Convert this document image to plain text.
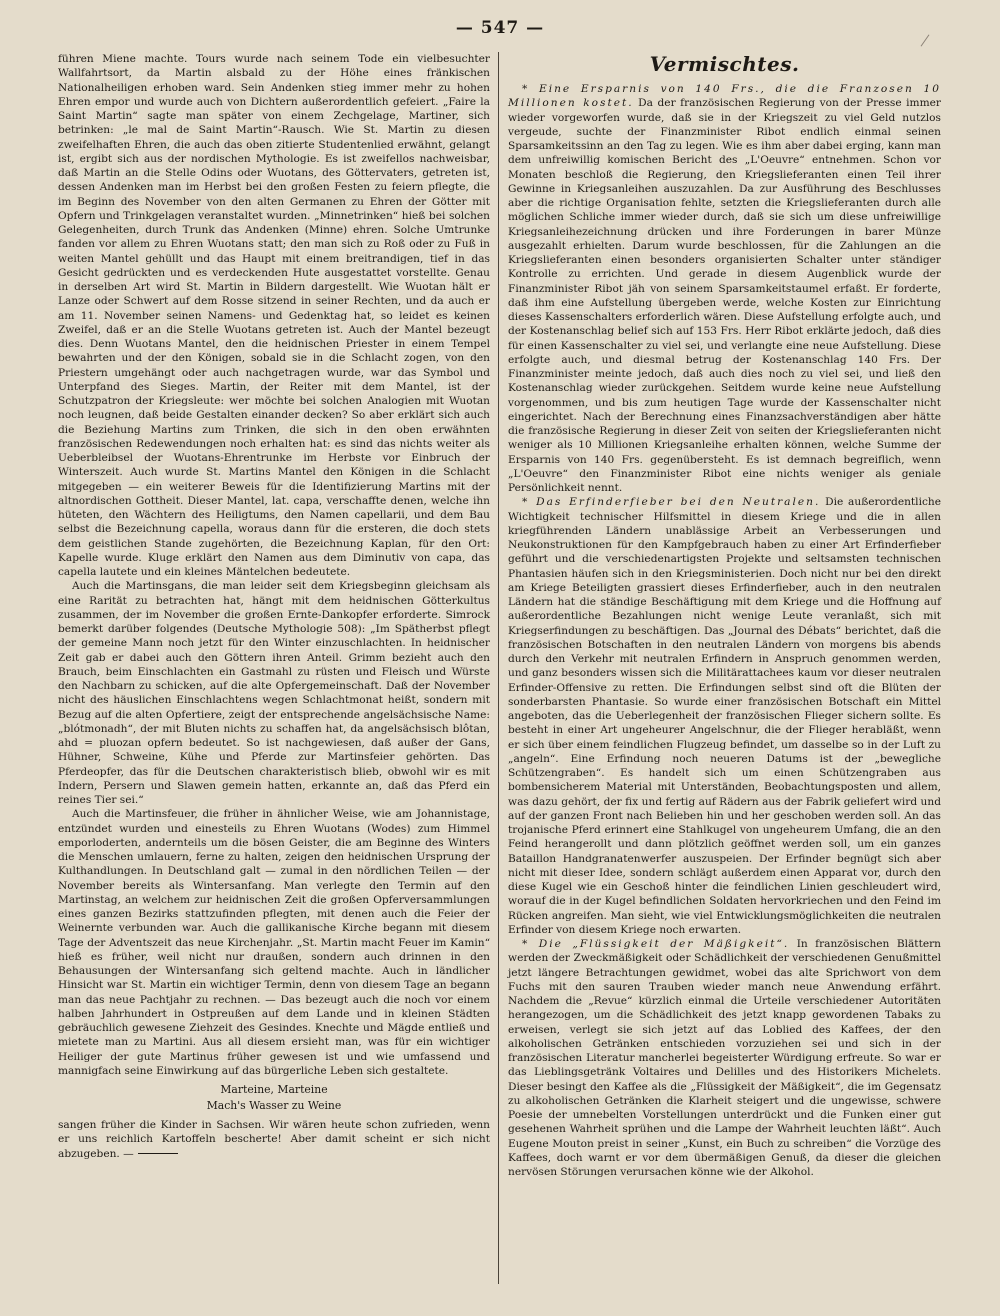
— 547 —

führen Miene machte. Tours wurde nach seinem Tode ein vielbesuchter Wallfahrtsort, da Martin alsbald zu der Höhe eines fränkischen Nationalheiligen erhoben ward. Sein Andenken stieg immer mehr zu hohen Ehren empor und wurde auch von Dichtern außerordentlich gefeiert. „Faire la Saint Martin“ sagte man später von einem Zechgelage, Martiner, sich betrinken: „le mal de Saint Martin“-Rausch. Wie St. Martin zu diesen zweifelhaften Ehren, die auch das oben zitierte Studentenlied erwähnt, gelangt ist, ergibt sich aus der nordischen Mythologie. Es ist zweifellos nachweisbar, daß Martin an die Stelle Odins oder Wuotans, des Göttervaters, getreten ist, dessen Andenken man im Herbst bei den großen Festen zu feiern pflegte, die im Beginn des November von den alten Germanen zu Ehren der Götter mit Opfern und Trinkgelagen veranstaltet wurden. „Minnetrinken“ hieß bei solchen Gelegenheiten, durch Trunk das Andenken (Minne) ehren. Solche Umtrunke fanden vor allem zu Ehren Wuotans statt; den man sich zu Roß oder zu Fuß in weiten Mantel gehüllt und das Haupt mit einem breitrandigen, tief in das Gesicht gedrückten und es verdeckenden Hute ausgestattet vorstellte. Genau in derselben Art wird St. Martin in Bildern dargestellt. Wie Wuotan hält er Lanze oder Schwert auf dem Rosse sitzend in seiner Rechten, und da auch er am 11. November seinen Namens- und Gedenktag hat, so leidet es keinen Zweifel, daß er an die Stelle Wuotans getreten ist. Auch der Mantel bezeugt dies. Denn Wuotans Mantel, den die heidnischen Priester in einem Tempel bewahrten und der den Königen, sobald sie in die Schlacht zogen, von den Priestern umgehängt oder auch nachgetragen wurde, war das Symbol und Unterpfand des Sieges. Martin, der Reiter mit dem Mantel, ist der Schutzpatron der Kriegsleute: wer möchte bei solchen Analogien mit Wuotan noch leugnen, daß beide Gestalten einander decken? So aber erklärt sich auch die Beziehung Martins zum Trinken, die sich in den oben erwähnten französischen Redewendungen noch erhalten hat: es sind das nichts weiter als Ueberbleibsel der Wuotans-Ehrentrunke im Herbste vor Einbruch der Winterszeit. Auch wurde St. Martins Mantel den Königen in die Schlacht mitgegeben — ein weiterer Beweis für die Identifizierung Martins mit der altnordischen Gottheit. Dieser Mantel, lat. capa, verschaffte denen, welche ihn hüteten, den Wächtern des Heiligtums, den Namen capellarii, und dem Bau selbst die Bezeichnung capella, woraus dann für die ersteren, die doch stets dem geistlichen Stande zugehörten, die Bezeichnung Kaplan, für den Ort: Kapelle wurde. Kluge erklärt den Namen aus dem Diminutiv von capa, das capella lautete und ein kleines Mäntelchen bedeutete.

Auch die Martinsgans, die man leider seit dem Kriegsbeginn gleichsam als eine Rarität zu betrachten hat, hängt mit dem heidnischen Götterkultus zusammen, der im November die großen Ernte-Dankopfer erforderte. Simrock bemerkt darüber folgendes (Deutsche Mythologie 508): „Im Spätherbst pflegt der gemeine Mann noch jetzt für den Winter einzuschlachten. In heidnischer Zeit gab er dabei auch den Göttern ihren Anteil. Grimm bezieht auch den Brauch, beim Einschlachten ein Gastmahl zu rüsten und Fleisch und Würste den Nachbarn zu schicken, auf die alte Opfergemeinschaft. Daß der November nicht des häuslichen Einschlachtens wegen Schlachtmonat heißt, sondern mit Bezug auf die alten Opfertiere, zeigt der entsprechende angelsächsische Name: „blótmonadh“, der mit Bluten nichts zu schaffen hat, da angelsächsisch blôtan, ahd = pluozan opfern bedeutet. So ist nachgewiesen, daß außer der Gans, Hühner, Schweine, Kühe und Pferde zur Martinsfeier gehörten. Das Pferdeopfer, das für die Deutschen charakteristisch blieb, obwohl wir es mit Indern, Persern und Slawen gemein hatten, erkannte an, daß das Pferd ein reines Tier sei.“

Auch die Martinsfeuer, die früher in ähnlicher Weise, wie am Johannistage, entzündet wurden und einesteils zu Ehren Wuotans (Wodes) zum Himmel emporloderten, andernteils um die bösen Geister, die am Beginne des Winters die Menschen umlauern, ferne zu halten, zeigen den heidnischen Ursprung der Kulthandlungen. In Deutschland galt — zumal in den nördlichen Teilen — der November bereits als Wintersanfang. Man verlegte den Termin auf den Martinstag, an welchem zur heidnischen Zeit die großen Opferversammlungen eines ganzen Bezirks stattzufinden pflegten, mit denen auch die Feier der Weinernte verbunden war. Auch die gallikanische Kirche begann mit diesem Tage der Adventszeit das neue Kirchenjahr. „St. Martin macht Feuer im Kamin“ hieß es früher, weil nicht nur draußen, sondern auch drinnen in den Behausungen der Wintersanfang sich geltend machte. Auch in ländlicher Hinsicht war St. Martin ein wichtiger Termin, denn von diesem Tage an begann man das neue Pachtjahr zu rechnen. — Das bezeugt auch die noch vor einem halben Jahrhundert in Ostpreußen auf dem Lande und in kleinen Städten gebräuchlich gewesene Ziehzeit des Gesindes. Knechte und Mägde entließ und mietete man zu Martini. Aus all diesem ersieht man, was für ein wichtiger Heiliger der gute Martinus früher gewesen ist und wie umfassend und mannigfach seine Einwirkung auf das bürgerliche Leben sich gestaltete.

Marteine, Marteine
Mach's Wasser zu Weine

sangen früher die Kinder in Sachsen. Wir wären heute schon zufrieden, wenn er uns reichlich Kartoffeln bescherte! Aber damit scheint er sich nicht abzugeben. —

Vermischtes.

* Eine Ersparnis von 140 Frs., die die Franzosen 10 Millionen kostet. Da der französischen Regierung von der Presse immer wieder vorgeworfen wurde, daß sie in der Kriegszeit zu viel Geld nutzlos vergeude, suchte der Finanzminister Ribot endlich einmal seinen Sparsamkeitssinn an den Tag zu legen. Wie es ihm aber dabei erging, kann man dem unfreiwillig komischen Bericht des „L'Oeuvre“ entnehmen. Schon vor Monaten beschloß die Regierung, den Kriegslieferanten einen Teil ihrer Gewinne in Kriegsanleihen auszuzahlen. Da zur Ausführung des Beschlusses aber die richtige Organisation fehlte, setzten die Kriegslieferanten durch alle möglichen Schliche immer wieder durch, daß sie sich um diese unfreiwillige Kriegsanleihezeichnung drücken und ihre Forderungen in barer Münze ausgezahlt erhielten. Darum wurde beschlossen, für die Zahlungen an die Kriegslieferanten einen besonders organisierten Schalter unter ständiger Kontrolle zu errichten. Und gerade in diesem Augenblick wurde der Finanzminister Ribot jäh von seinem Sparsamkeitstaumel erfaßt. Er forderte, daß ihm eine Aufstellung übergeben werde, welche Kosten zur Einrichtung dieses Kassenschalters erforderlich wären. Diese Aufstellung erfolgte auch, und der Kostenanschlag belief sich auf 153 Frs. Herr Ribot erklärte jedoch, daß dies für einen Kassenschalter zu viel sei, und verlangte eine neue Aufstellung. Diese erfolgte auch, und diesmal betrug der Kostenanschlag 140 Frs. Der Finanzminister meinte jedoch, daß auch dies noch zu viel sei, und ließ den Kostenanschlag wieder zurückgehen. Seitdem wurde keine neue Aufstellung vorgenommen, und bis zum heutigen Tage wurde der Kassenschalter nicht eingerichtet. Nach der Berechnung eines Finanzsachverständigen aber hätte die französische Regierung in dieser Zeit von seiten der Kriegslieferanten nicht weniger als 10 Millionen Kriegsanleihe erhalten können, welche Summe der Ersparnis von 140 Frs. gegenübersteht. Es ist demnach begreiflich, wenn „L'Oeuvre“ den Finanzminister Ribot eine nichts weniger als geniale Persönlichkeit nennt.

* Das Erfinderfieber bei den Neutralen. Die außerordentliche Wichtigkeit technischer Hilfsmittel in diesem Kriege und die in allen kriegführenden Ländern unablässige Arbeit an Verbesserungen und Neukonstruktionen für den Kampfgebrauch haben zu einer Art Erfinderfieber geführt und die verschiedenartigsten Projekte und seltsamsten technischen Phantasien häufen sich in den Kriegsministerien. Doch nicht nur bei den direkt am Kriege Beteiligten grassiert dieses Erfinderfieber, auch in den neutralen Ländern hat die ständige Beschäftigung mit dem Kriege und die Hoffnung auf außerordentliche Bezahlungen nicht wenige Leute veranlaßt, sich mit Kriegserfindungen zu beschäftigen. Das „Journal des Débats“ berichtet, daß die französischen Botschaften in den neutralen Ländern von morgens bis abends durch den Verkehr mit neutralen Erfindern in Anspruch genommen werden, und ganz besonders wissen sich die Militärattachees kaum vor dieser neutralen Erfinder-Offensive zu retten. Die Erfindungen selbst sind oft die Blüten der sonderbarsten Phantasie. So wurde einer französischen Botschaft ein Mittel angeboten, das die Ueberlegenheit der französischen Flieger sichern sollte. Es besteht in einer Art ungeheurer Angelschnur, die der Flieger herabläßt, wenn er sich über einem feindlichen Flugzeug befindet, um dasselbe so in der Luft zu „angeln“. Eine Erfindung noch neueren Datums ist der „bewegliche Schützengraben“. Es handelt sich um einen Schützengraben aus bombensicherem Material mit Unterständen, Beobachtungsposten und allem, was dazu gehört, der fix und fertig auf Rädern aus der Fabrik geliefert wird und auf der ganzen Front nach Belieben hin und her geschoben werden soll. An das trojanische Pferd erinnert eine Stahlkugel von ungeheurem Umfang, die an den Feind herangerollt und dann plötzlich geöffnet werden soll, um ein ganzes Bataillon Handgranatenwerfer auszuspeien. Der Erfinder begnügt sich aber nicht mit dieser Idee, sondern schlägt außerdem einen Apparat vor, durch den diese Kugel wie ein Geschoß hinter die feindlichen Linien geschleudert wird, worauf die in der Kugel befindlichen Soldaten hervorkriechen und den Feind im Rücken angreifen. Man sieht, wie viel Entwicklungsmöglichkeiten die neutralen Erfinder von diesem Kriege noch erwarten.

* Die „Flüssigkeit der Mäßigkeit“. In französischen Blättern werden der Zweckmäßigkeit oder Schädlichkeit der verschiedenen Genußmittel jetzt längere Betrachtungen gewidmet, wobei das alte Sprichwort von dem Fuchs mit den sauren Trauben wieder manch neue Anwendung erfährt. Nachdem die „Revue“ kürzlich einmal die Urteile verschiedener Autoritäten herangezogen, um die Schädlichkeit des jetzt knapp gewordenen Tabaks zu erweisen, verlegt sie sich jetzt auf das Loblied des Kaffees, der den alkoholischen Getränken entschieden vorzuziehen sei und sich in der französischen Literatur mancherlei begeisterter Würdigung erfreute. So war er das Lieblingsgetränk Voltaires und Delilles und des Historikers Michelets. Dieser besingt den Kaffee als die „Flüssigkeit der Mäßigkeit“, die im Gegensatz zu alkoholischen Getränken die Klarheit steigert und die ungewisse, schwere Poesie der umnebelten Vorstellungen unterdrückt und die Funken einer gut gesehenen Wahrheit sprühen und die Lampe der Wahrheit leuchten läßt“. Auch Eugene Mouton preist in seiner „Kunst, ein Buch zu schreiben“ die Vorzüge des Kaffees, doch warnt er vor dem übermäßigen Genuß, da dieser die gleichen nervösen Störungen verursachen könne wie der Alkohol.
